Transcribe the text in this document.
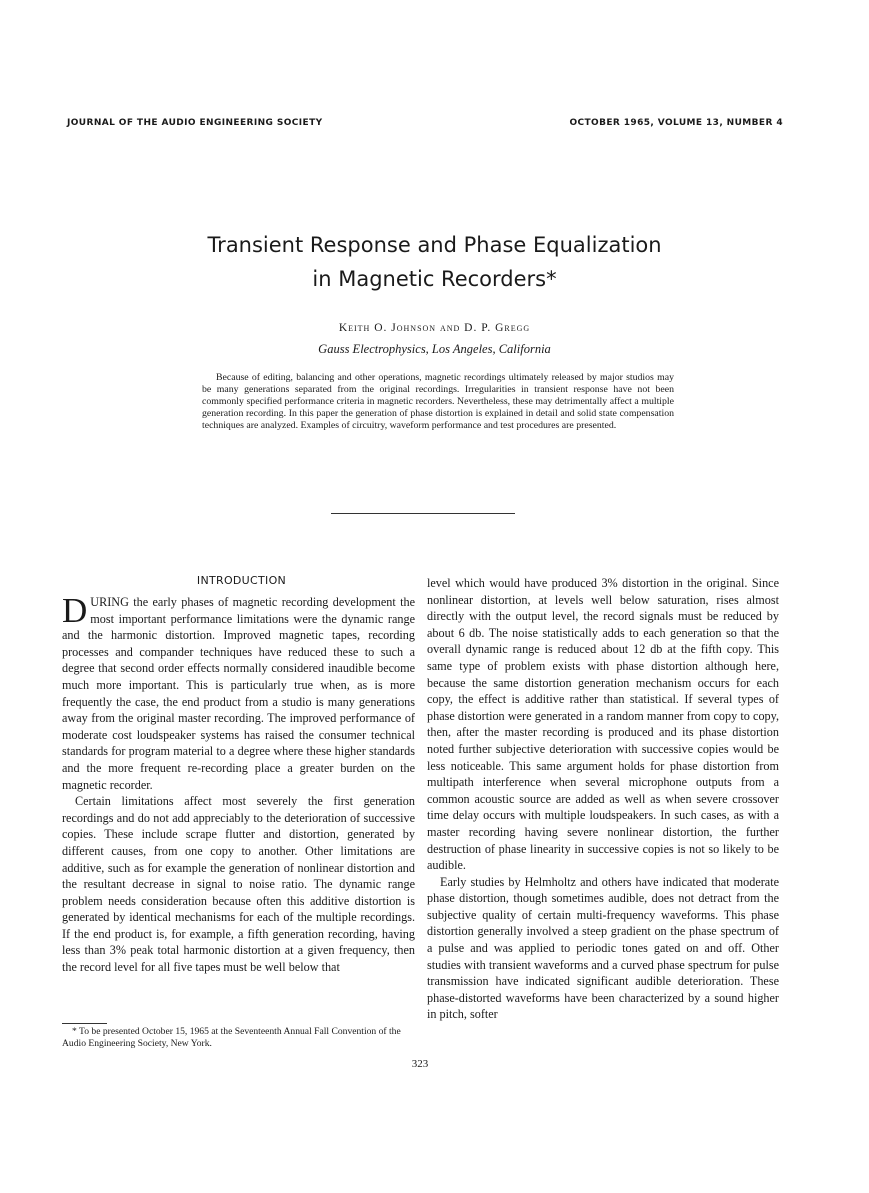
JOURNAL OF THE AUDIO ENGINEERING SOCIETY	OCTOBER 1965, VOLUME 13, NUMBER 4
Transient Response and Phase Equalization
in Magnetic Recorders*
Keith O. Johnson and D. P. Gregg
Gauss Electrophysics, Los Angeles, California
Because of editing, balancing and other operations, magnetic recordings ultimately released by major studios may be many generations separated from the original recordings. Irregularities in transient response have not been commonly specified performance criteria in magnetic recorders. Nevertheless, these may detrimentally affect a multiple generation recording. In this paper the generation of phase distortion is explained in detail and solid state compensation techniques are analyzed. Examples of circuitry, waveform performance and test procedures are presented.
INTRODUCTION

DURING the early phases of magnetic recording development the most important performance limitations were the dynamic range and the harmonic distortion. Improved magnetic tapes, recording processes and compander techniques have reduced these to such a degree that second order effects normally considered inaudible become much more important. This is particularly true when, as is more frequently the case, the end product from a studio is many generations away from the original master recording. The improved performance of moderate cost loudspeaker systems has raised the consumer technical standards for program material to a degree where these higher standards and the more frequent re-recording place a greater burden on the magnetic recorder.

Certain limitations affect most severely the first generation recordings and do not add appreciably to the deterioration of successive copies. These include scrape flutter and distortion, generated by different causes, from one copy to another. Other limitations are additive, such as for example the generation of nonlinear distortion and the resultant decrease in signal to noise ratio. The dynamic range problem needs consideration because often this additive distortion is generated by identical mechanisms for each of the multiple recordings. If the end product is, for example, a fifth generation recording, having less than 3% peak total harmonic distortion at a given frequency, then the record level for all five tapes must be well below that

level which would have produced 3% distortion in the original. Since nonlinear distortion, at levels well below saturation, rises almost directly with the output level, the record signals must be reduced by about 6 db. The noise statistically adds to each generation so that the overall dynamic range is reduced about 12 db at the fifth copy. This same type of problem exists with phase distortion although here, because the same distortion generation mechanism occurs for each copy, the effect is additive rather than statistical. If several types of phase distortion were generated in a random manner from copy to copy, then, after the master recording is produced and its phase distortion noted further subjective deterioration with successive copies would be less noticeable. This same argument holds for phase distortion from multipath interference when several microphone outputs from a common acoustic source are added as well as when severe crossover time delay occurs with multiple loudspeakers. In such cases, as with a master recording having severe nonlinear distortion, the further destruction of phase linearity in successive copies is not so likely to be audible.

Early studies by Helmholtz and others have indicated that moderate phase distortion, though sometimes audible, does not detract from the subjective quality of certain multi-frequency waveforms. This phase distortion generally involved a steep gradient on the phase spectrum of a pulse and was applied to periodic tones gated on and off. Other studies with transient waveforms and a curved phase spectrum for pulse transmission have indicated significant audible deterioration. These phase-distorted waveforms have been characterized by a sound higher in pitch, softer

* To be presented October 15, 1965 at the Seventeenth Annual Fall Convention of the Audio Engineering Society, New York.
323
